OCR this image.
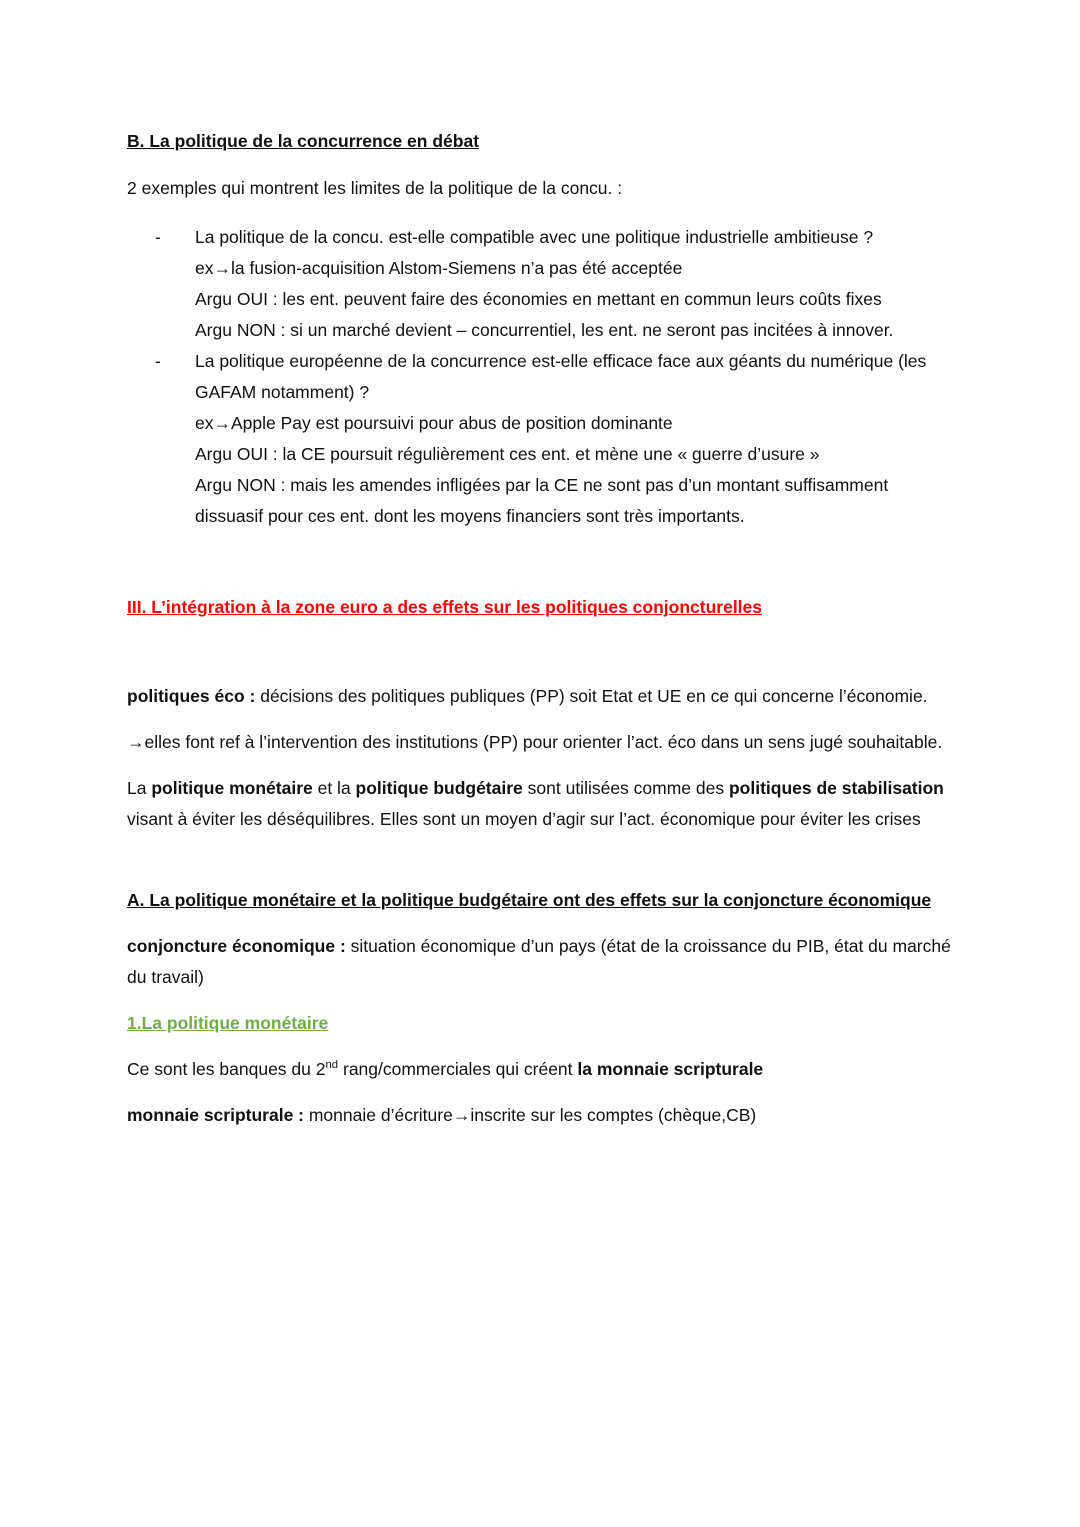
B. La politique de la concurrence en débat

2 exemples qui montrent les limites de la politique de la concu. :

- La politique de la concu. est-elle compatible avec une politique industrielle ambitieuse ?
ex→la fusion-acquisition Alstom-Siemens n’a pas été acceptée
Argu OUI : les ent. peuvent faire des économies en mettant en commun leurs coûts fixes
Argu NON : si un marché devient – concurrentiel, les ent. ne seront pas incitées à innover.
- La politique européenne de la concurrence est-elle efficace face aux géants du numérique (les GAFAM notamment) ?
ex→Apple Pay est poursuivi pour abus de position dominante
Argu OUI : la CE poursuit régulièrement ces ent. et mène une « guerre d’usure »
Argu NON : mais les amendes infligées par la CE ne sont pas d’un montant suffisamment dissuasif pour ces ent. dont les moyens financiers sont très importants.
III. L’intégration à la zone euro a des effets sur les politiques conjoncturelles

politiques éco : décisions des politiques publiques (PP) soit Etat et UE en ce qui concerne l’économie.

→elles font ref à l’intervention des institutions (PP) pour orienter l’act. éco dans un sens jugé souhaitable.

La politique monétaire et la politique budgétaire sont utilisées comme des politiques de stabilisation visant à éviter les déséquilibres. Elles sont un moyen d’agir sur l’act. économique pour éviter les crises

A. La politique monétaire et la politique budgétaire ont des effets sur la conjoncture économique

conjoncture économique : situation économique d’un pays (état de la croissance du PIB, état du marché du travail)

1.La politique monétaire

Ce sont les banques du 2nd rang/commerciales qui créent la monnaie scripturale

monnaie scripturale : monnaie d’écriture→inscrite sur les comptes (chèque,CB)
